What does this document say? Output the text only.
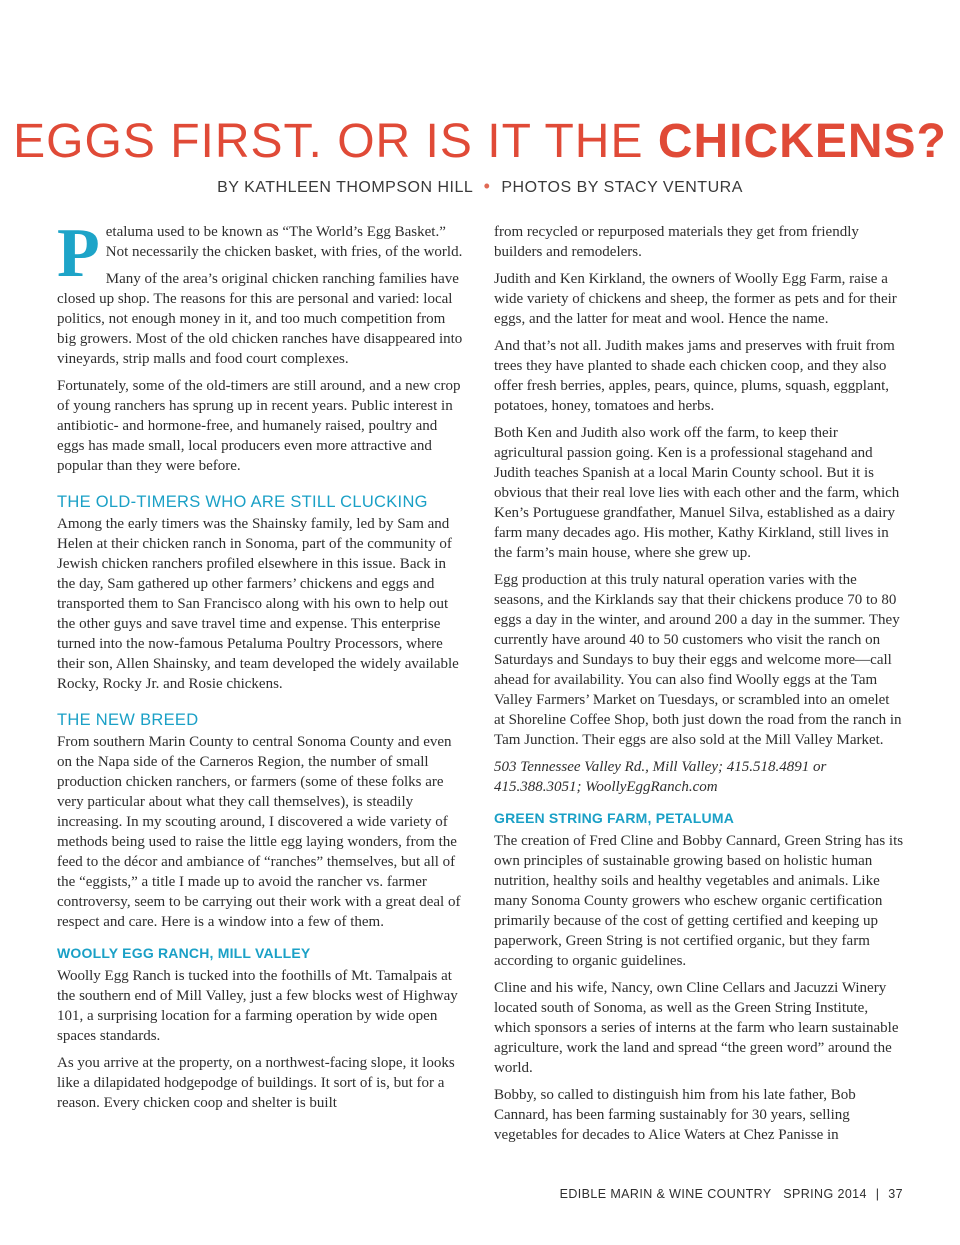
EGGS FIRST. OR IS IT THE CHICKENS?
BY KATHLEEN THOMPSON HILL • PHOTOS BY STACY VENTURA

Petaluma used to be known as “The World’s Egg Basket.” Not necessarily the chicken basket, with fries, of the world.

Many of the area’s original chicken ranching families have closed up shop. The reasons for this are personal and varied: local politics, not enough money in it, and too much competition from big growers. Most of the old chicken ranches have disappeared into vineyards, strip malls and food court complexes.

Fortunately, some of the old-timers are still around, and a new crop of young ranchers has sprung up in recent years. Public interest in antibiotic- and hormone-free, and humanely raised, poultry and eggs has made small, local producers even more attractive and popular than they were before.

THE OLD-TIMERS WHO ARE STILL CLUCKING

Among the early timers was the Shainsky family, led by Sam and Helen at their chicken ranch in Sonoma, part of the community of Jewish chicken ranchers profiled elsewhere in this issue. Back in the day, Sam gathered up other farmers’ chickens and eggs and transported them to San Francisco along with his own to help out the other guys and save travel time and expense. This enterprise turned into the now-famous Petaluma Poultry Processors, where their son, Allen Shainsky, and team developed the widely available Rocky, Rocky Jr. and Rosie chickens.

THE NEW BREED

From southern Marin County to central Sonoma County and even on the Napa side of the Carneros Region, the number of small production chicken ranchers, or farmers (some of these folks are very particular about what they call themselves), is steadily increasing. In my scouting around, I discovered a wide variety of methods being used to raise the little egg laying wonders, from the feed to the décor and ambiance of “ranches” themselves, but all of the “eggists,” a title I made up to avoid the rancher vs. farmer controversy, seem to be carrying out their work with a great deal of respect and care. Here is a window into a few of them.

WOOLLY EGG RANCH, MILL VALLEY

Woolly Egg Ranch is tucked into the foothills of Mt. Tamalpais at the southern end of Mill Valley, just a few blocks west of Highway 101, a surprising location for a farming operation by wide open spaces standards.

As you arrive at the property, on a northwest-facing slope, it looks like a dilapidated hodgepodge of buildings. It sort of is, but for a reason. Every chicken coop and shelter is built

from recycled or repurposed materials they get from friendly builders and remodelers.

Judith and Ken Kirkland, the owners of Woolly Egg Farm, raise a wide variety of chickens and sheep, the former as pets and for their eggs, and the latter for meat and wool. Hence the name.

And that’s not all. Judith makes jams and preserves with fruit from trees they have planted to shade each chicken coop, and they also offer fresh berries, apples, pears, quince, plums, squash, eggplant, potatoes, honey, tomatoes and herbs.

Both Ken and Judith also work off the farm, to keep their agricultural passion going. Ken is a professional stagehand and Judith teaches Spanish at a local Marin County school. But it is obvious that their real love lies with each other and the farm, which Ken’s Portuguese grandfather, Manuel Silva, established as a dairy farm many decades ago. His mother, Kathy Kirkland, still lives in the farm’s main house, where she grew up.

Egg production at this truly natural operation varies with the seasons, and the Kirklands say that their chickens produce 70 to 80 eggs a day in the winter, and around 200 a day in the summer. They currently have around 40 to 50 customers who visit the ranch on Saturdays and Sundays to buy their eggs and welcome more—call ahead for availability. You can also find Woolly eggs at the Tam Valley Farmers’ Market on Tuesdays, or scrambled into an omelet at Shoreline Coffee Shop, both just down the road from the ranch in Tam Junction. Their eggs are also sold at the Mill Valley Market.

503 Tennessee Valley Rd., Mill Valley; 415.518.4891 or 415.388.3051; WoollyEggRanch.com

GREEN STRING FARM, PETALUMA

The creation of Fred Cline and Bobby Cannard, Green String has its own principles of sustainable growing based on holistic human nutrition, healthy soils and healthy vegetables and animals. Like many Sonoma County growers who eschew organic certification primarily because of the cost of getting certified and keeping up paperwork, Green String is not certified organic, but they farm according to organic guidelines.

Cline and his wife, Nancy, own Cline Cellars and Jacuzzi Winery located south of Sonoma, as well as the Green String Institute, which sponsors a series of interns at the farm who learn sustainable agriculture, work the land and spread “the green word” around the world.

Bobby, so called to distinguish him from his late father, Bob Cannard, has been farming sustainably for 30 years, selling vegetables for decades to Alice Waters at Chez Panisse in

EDIBLE MARIN & WINE COUNTRY SPRING 2014 | 37
